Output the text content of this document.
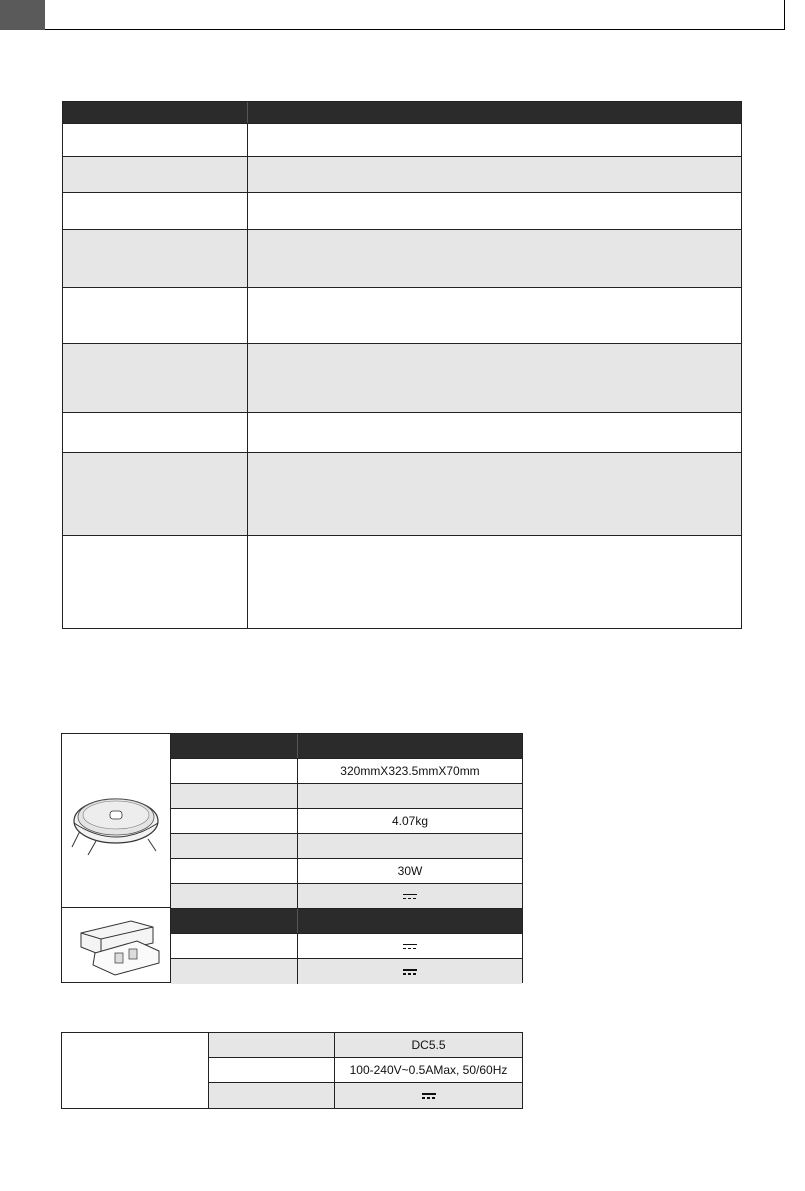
320mmX323.5mmX70mm
4.07kg
30W
DC5.5
100-240V~0.5AMax, 50/60Hz
